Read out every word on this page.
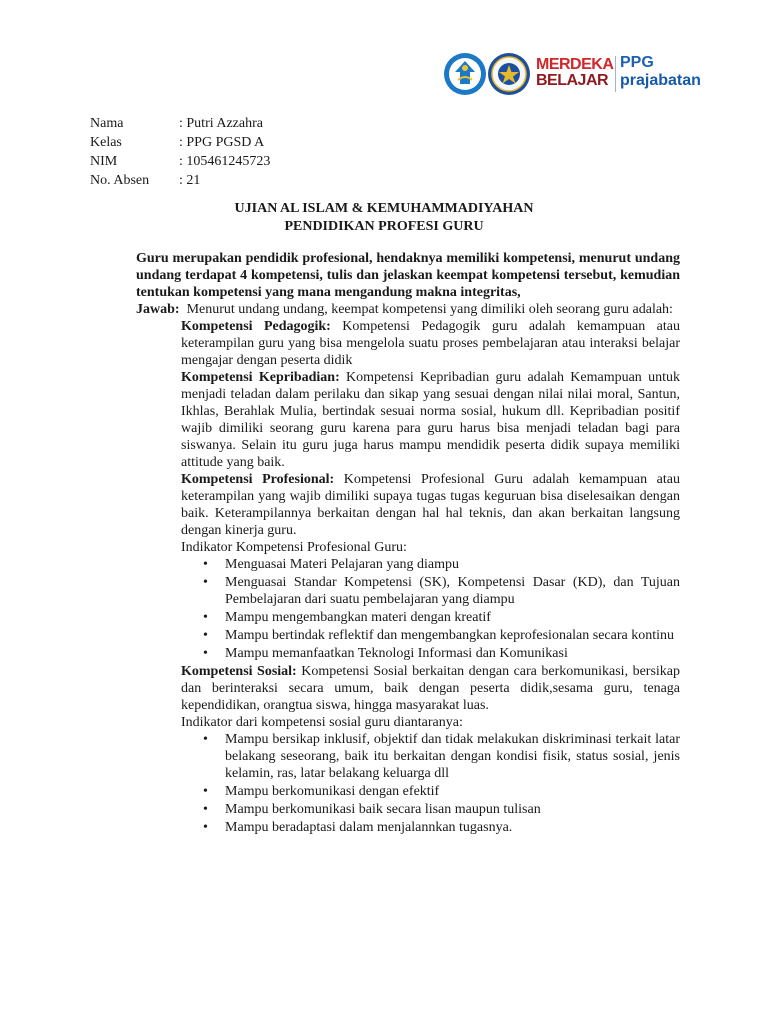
MERDEKA
BELAJAR
PPG
prajabatan
Nama	: Putri Azzahra
Kelas	: PPG PGSD A
NIM	: 105461245723
No. Absen	: 21
UJIAN AL ISLAM & KEMUHAMMADIYAHAN
PENDIDIKAN PROFESI GURU

Guru merupakan pendidik profesional, hendaknya memiliki kompetensi, menurut undang undang terdapat 4 kompetensi, tulis dan jelaskan keempat kompetensi tersebut, kemudian tentukan kompetensi yang mana mengandung makna integritas,

Jawab: Menurut undang undang, keempat kompetensi yang dimiliki oleh seorang guru adalah:

Kompetensi Pedagogik: Kompetensi Pedagogik guru adalah kemampuan atau keterampilan guru yang bisa mengelola suatu proses pembelajaran atau interaksi belajar mengajar dengan peserta didik

Kompetensi Kepribadian: Kompetensi Kepribadian guru adalah Kemampuan untuk menjadi teladan dalam perilaku dan sikap yang sesuai dengan nilai nilai moral, Santun, Ikhlas, Berahlak Mulia, bertindak sesuai norma sosial, hukum dll. Kepribadian positif wajib dimiliki seorang guru karena para guru harus bisa menjadi teladan bagi para siswanya. Selain itu guru juga harus mampu mendidik peserta didik supaya memiliki attitude yang baik.

Kompetensi Profesional: Kompetensi Profesional Guru adalah kemampuan atau keterampilan yang wajib dimiliki supaya tugas tugas keguruan bisa diselesaikan dengan baik. Keterampilannya berkaitan dengan hal hal teknis, dan akan berkaitan langsung dengan kinerja guru.

Indikator Kompetensi Profesional Guru:

• Menguasai Materi Pelajaran yang diampu
• Menguasai Standar Kompetensi (SK), Kompetensi Dasar (KD), dan Tujuan Pembelajaran dari suatu pembelajaran yang diampu
• Mampu mengembangkan materi dengan kreatif
• Mampu bertindak reflektif dan mengembangkan keprofesionalan secara kontinu
• Mampu memanfaatkan Teknologi Informasi dan Komunikasi

Kompetensi Sosial: Kompetensi Sosial berkaitan dengan cara berkomunikasi, bersikap dan berinteraksi secara umum, baik dengan peserta didik,sesama guru, tenaga kependidikan, orangtua siswa, hingga masyarakat luas.

Indikator dari kompetensi sosial guru diantaranya:

• Mampu bersikap inklusif, objektif dan tidak melakukan diskriminasi terkait latar belakang seseorang, baik itu berkaitan dengan kondisi fisik, status sosial, jenis kelamin, ras, latar belakang keluarga dll
• Mampu berkomunikasi dengan efektif
• Mampu berkomunikasi baik secara lisan maupun tulisan
• Mampu beradaptasi dalam menjalannkan tugasnya.
